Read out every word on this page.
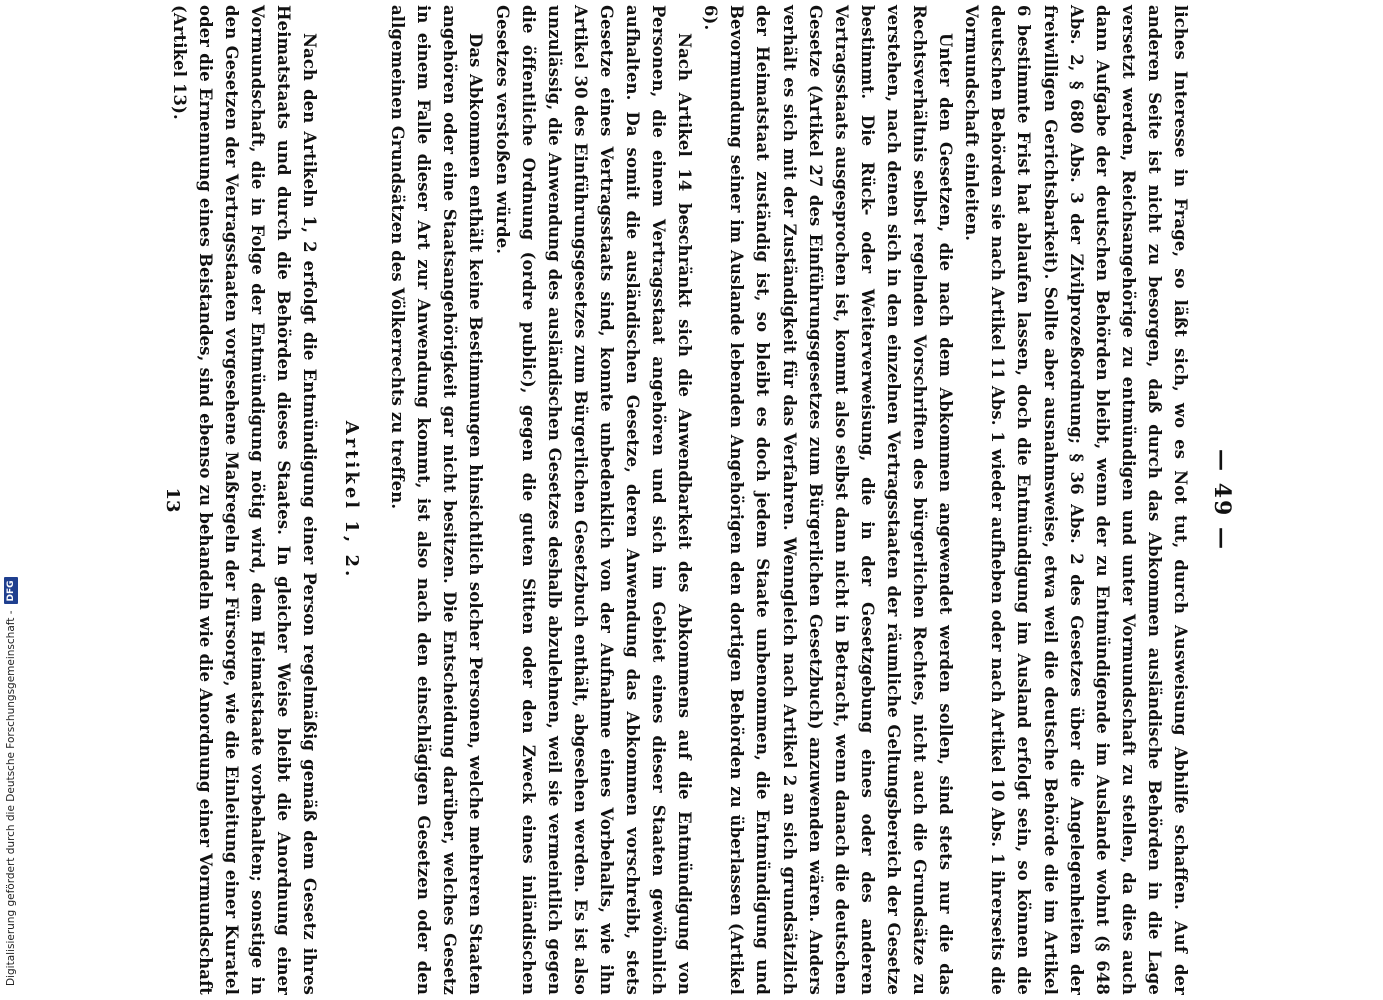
Digitalisierung gefördert durch die Deutsche Forschungsgemeinschaft -
DFG
— 49 —

liches Interesse in Frage, so läßt sich, wo es Not tut, durch Ausweisung Abhilfe schaffen. Auf der anderen Seite ist nicht zu besorgen, daß durch das Abkommen ausländische Behörden in die Lage versetzt werden, Reichsangehörige zu entmündigen und unter Vormundschaft zu stellen, da dies auch dann Aufgabe der deutschen Behörden bleibt, wenn der zu Entmündigende im Auslande wohnt (§ 648 Abs. 2, § 680 Abs. 3 der Zivilprozeßordnung; § 36 Abs. 2 des Gesetzes über die Angelegenheiten der freiwilligen Gerichtsbarkeit). Sollte aber ausnahmsweise, etwa weil die deutsche Behörde die im Artikel 6 bestimmte Frist hat ablaufen lassen, doch die Entmündigung im Ausland erfolgt sein, so können die deutschen Behörden sie nach Artikel 11 Abs. 1 wieder aufheben oder nach Artikel 10 Abs. 1 ihrerseits die Vormundschaft einleiten.

Unter den Gesetzen, die nach dem Abkommen angewendet werden sollen, sind stets nur die das Rechtsverhältnis selbst regelnden Vorschriften des bürgerlichen Rechtes, nicht auch die Grundsätze zu verstehen, nach denen sich in den einzelnen Vertragsstaaten der räumliche Geltungsbereich der Gesetze bestimmt. Die Rück- oder Weiterverweisung, die in der Gesetzgebung eines oder des anderen Vertragsstaats ausgesprochen ist, kommt also selbst dann nicht in Betracht, wenn danach die deutschen Gesetze (Artikel 27 des Einführungsgesetzes zum Bürgerlichen Gesetzbuch) anzuwenden wären. Anders verhält es sich mit der Zuständigkeit für das Verfahren. Wenngleich nach Artikel 2 an sich grundsätzlich der Heimatstaat zuständig ist, so bleibt es doch jedem Staate unbenommen, die Entmündigung und Bevormundung seiner im Auslande lebenden Angehörigen den dortigen Behörden zu überlassen (Artikel 6).

Nach Artikel 14 beschränkt sich die Anwendbarkeit des Abkommens auf die Entmündigung von Personen, die einem Vertragsstaat angehören und sich im Gebiet eines dieser Staaten gewöhnlich aufhalten. Da somit die ausländischen Gesetze, deren Anwendung das Abkommen vorschreibt, stets Gesetze eines Vertragsstaats sind, konnte unbedenklich von der Aufnahme eines Vorbehalts, wie ihn Artikel 30 des Einführungsgesetzes zum Bürgerlichen Gesetzbuch enthält, abgesehen werden. Es ist also unzulässig, die Anwendung des ausländischen Gesetzes deshalb abzulehnen, weil sie vermeintlich gegen die öffentliche Ordnung (ordre public), gegen die guten Sitten oder den Zweck eines inländischen Gesetzes verstoßen würde.

Das Abkommen enthält keine Bestimmungen hinsichtlich solcher Personen, welche mehreren Staaten angehören oder eine Staatsangehörigkeit gar nicht besitzen. Die Entscheidung darüber, welches Gesetz in einem Falle dieser Art zur Anwendung kommt, ist also nach den einschlägigen Gesetzen oder den allgemeinen Grundsätzen des Völkerrechts zu treffen.

Artikel 1, 2.

Nach den Artikeln 1, 2 erfolgt die Entmündigung einer Person regelmäßig gemäß dem Gesetz ihres Heimatstaats und durch die Behörden dieses Staates. In gleicher Weise bleibt die Anordnung einer Vormundschaft, die in Folge der Entmündigung nötig wird, dem Heimatstaate vorbehalten; sonstige in den Gesetzen der Vertragsstaaten vorgesehene Maßregeln der Fürsorge, wie die Einleitung einer Kuratel oder die Ernennung eines Beistandes, sind ebenso zu behandeln wie die Anordnung einer Vormundschaft (Artikel 13).

13
